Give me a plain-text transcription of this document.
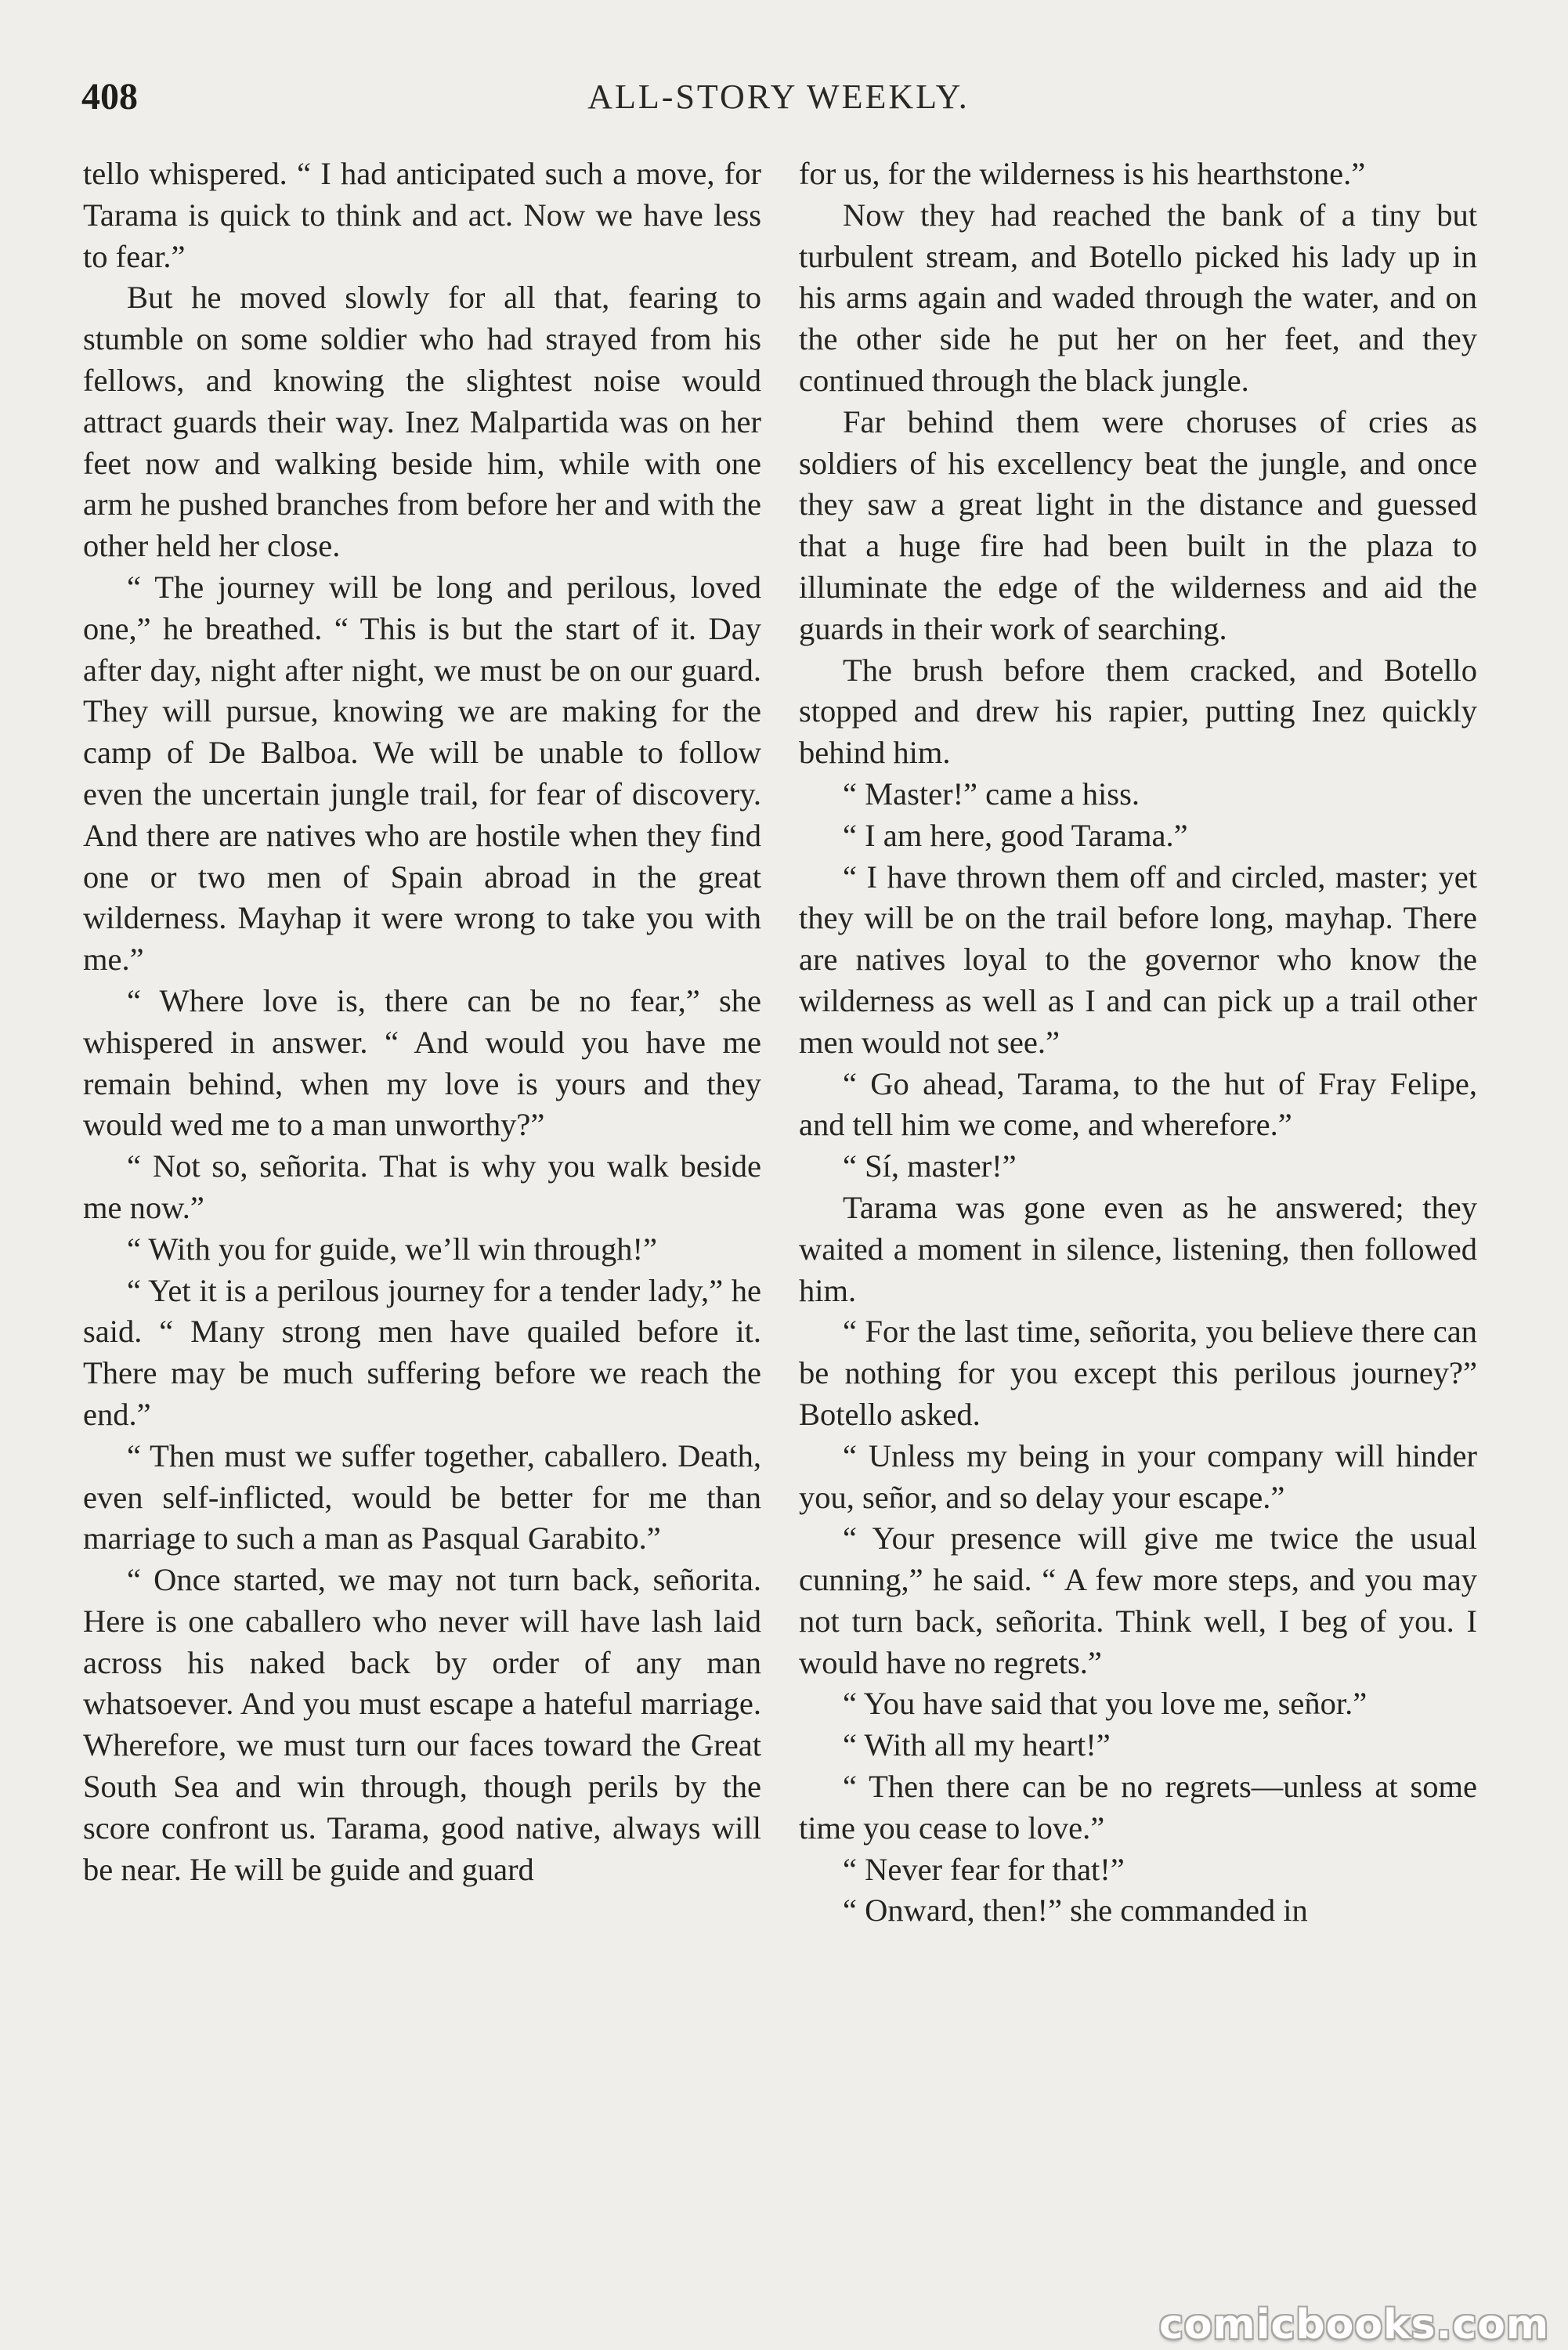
408	ALL-STORY WEEKLY.

tello whispered. “ I had anticipated such a move, for Tarama is quick to think and act. Now we have less to fear.”

But he moved slowly for all that, fearing to stumble on some soldier who had strayed from his fellows, and knowing the slightest noise would attract guards their way. Inez Malpartida was on her feet now and walking beside him, while with one arm he pushed branches from before her and with the other held her close.

“ The journey will be long and perilous, loved one,” he breathed. “ This is but the start of it. Day after day, night after night, we must be on our guard. They will pursue, knowing we are making for the camp of De Balboa. We will be unable to follow even the uncertain jungle trail, for fear of discovery. And there are natives who are hostile when they find one or two men of Spain abroad in the great wilderness. Mayhap it were wrong to take you with me.”

“ Where love is, there can be no fear,” she whispered in answer. “ And would you have me remain behind, when my love is yours and they would wed me to a man unworthy?”

“ Not so, señorita. That is why you walk beside me now.”

“ With you for guide, we’ll win through!”

“ Yet it is a perilous journey for a tender lady,” he said. “ Many strong men have quailed before it. There may be much suffering before we reach the end.”

“ Then must we suffer together, caballero. Death, even self-inflicted, would be better for me than marriage to such a man as Pasqual Garabito.”

“ Once started, we may not turn back, señorita. Here is one caballero who never will have lash laid across his naked back by order of any man whatsoever. And you must escape a hateful marriage. Wherefore, we must turn our faces toward the Great South Sea and win through, though perils by the score confront us. Tarama, good native, always will be near. He will be guide and guard

for us, for the wilderness is his hearthstone.”

Now they had reached the bank of a tiny but turbulent stream, and Botello picked his lady up in his arms again and waded through the water, and on the other side he put her on her feet, and they continued through the black jungle.

Far behind them were choruses of cries as soldiers of his excellency beat the jungle, and once they saw a great light in the distance and guessed that a huge fire had been built in the plaza to illuminate the edge of the wilderness and aid the guards in their work of searching.

The brush before them cracked, and Botello stopped and drew his rapier, putting Inez quickly behind him.

“ Master!” came a hiss.

“ I am here, good Tarama.”

“ I have thrown them off and circled, master; yet they will be on the trail before long, mayhap. There are natives loyal to the governor who know the wilderness as well as I and can pick up a trail other men would not see.”

“ Go ahead, Tarama, to the hut of Fray Felipe, and tell him we come, and wherefore.”

“ Sí, master!”

Tarama was gone even as he answered; they waited a moment in silence, listening, then followed him.

“ For the last time, señorita, you believe there can be nothing for you except this perilous journey?” Botello asked.

“ Unless my being in your company will hinder you, señor, and so delay your escape.”

“ Your presence will give me twice the usual cunning,” he said. “ A few more steps, and you may not turn back, señorita. Think well, I beg of you. I would have no regrets.”

“ You have said that you love me, señor.”

“ With all my heart!”

“ Then there can be no regrets—unless at some time you cease to love.”

“ Never fear for that!”

“ Onward, then!” she commanded in

comicbooks.com
